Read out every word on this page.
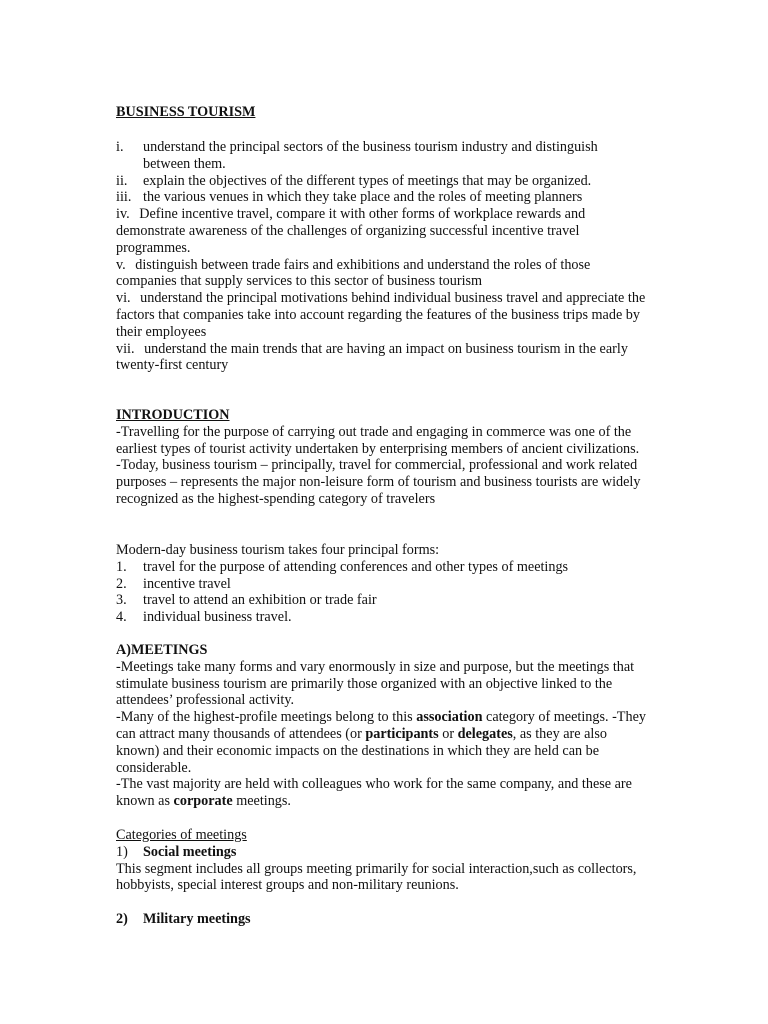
BUSINESS TOURISM
i. understand the principal sectors of the business tourism industry and distinguish between them.
ii. explain the objectives of the different types of meetings that may be organized.
iii. the various venues in which they take place and the roles of meeting planners
iv. Define incentive travel, compare it with other forms of workplace rewards and demonstrate awareness of the challenges of organizing successful incentive travel programmes.
v. distinguish between trade fairs and exhibitions and understand the roles of those companies that supply services to this sector of business tourism
vi. understand the principal motivations behind individual business travel and appreciate the factors that companies take into account regarding the features of the business trips made by their employees
vii. understand the main trends that are having an impact on business tourism in the early twenty-first century

INTRODUCTION

-Travelling for the purpose of carrying out trade and engaging in commerce was one of the earliest types of tourist activity undertaken by enterprising members of ancient civilizations.

-Today, business tourism – principally, travel for commercial, professional and work related purposes – represents the major non-leisure form of tourism and business tourists are widely recognized as the highest-spending category of travelers

Modern-day business tourism takes four principal forms:

1. travel for the purpose of attending conferences and other types of meetings
2. incentive travel
3. travel to attend an exhibition or trade fair
4. individual business travel.

A)MEETINGS

-Meetings take many forms and vary enormously in size and purpose, but the meetings that stimulate business tourism are primarily those organized with an objective linked to the attendees’ professional activity.

-Many of the highest-profile meetings belong to this association category of meetings. -They can attract many thousands of attendees (or participants or delegates, as they are also known) and their economic impacts on the destinations in which they are held can be considerable.

-The vast majority are held with colleagues who work for the same company, and these are known as corporate meetings.

Categories of meetings

1) Social meetings

This segment includes all groups meeting primarily for social interaction,such as collectors, hobbyists, special interest groups and non-military reunions.

2) Military meetings
